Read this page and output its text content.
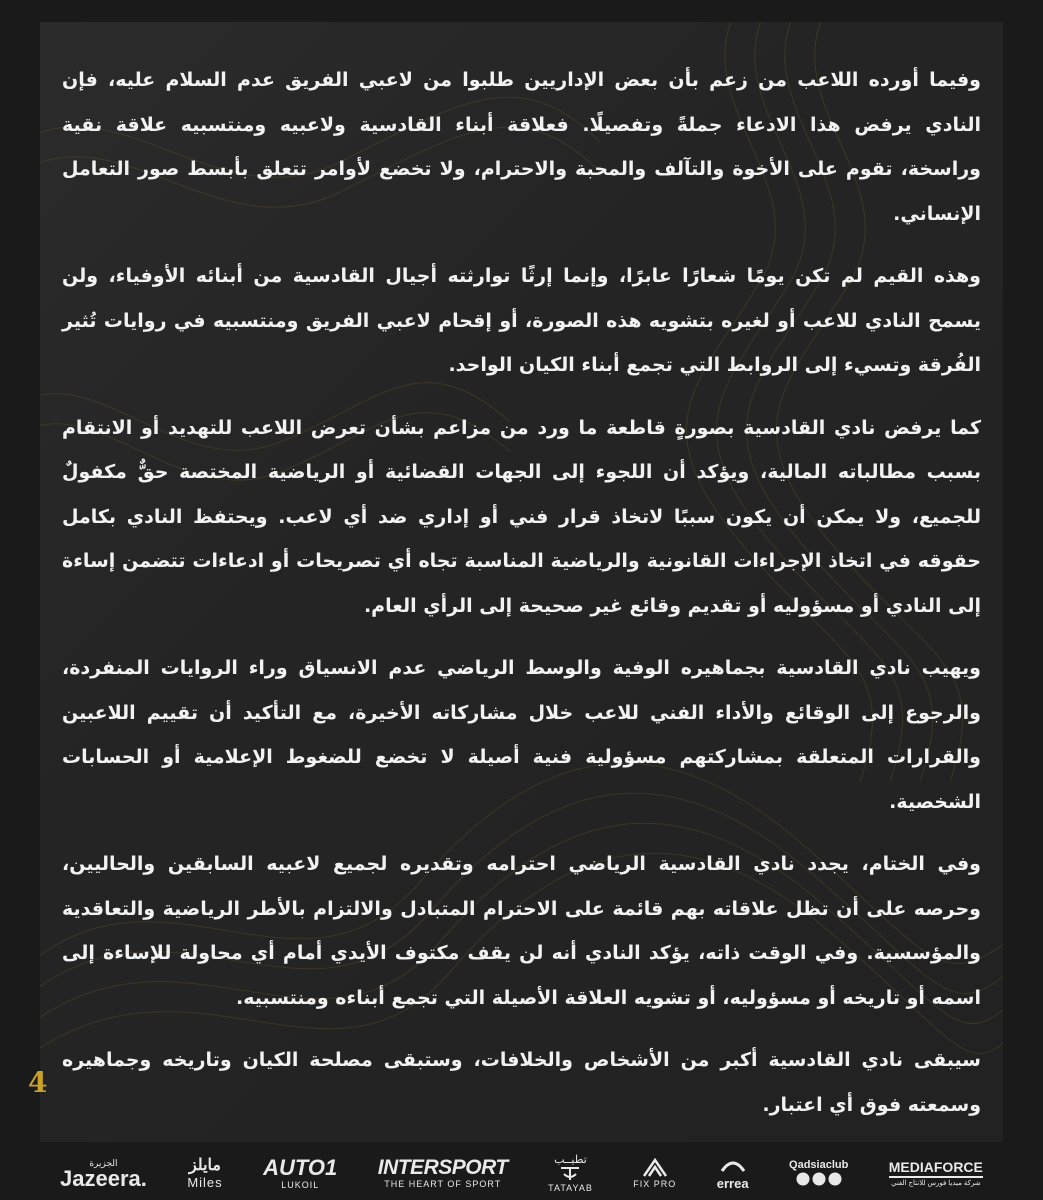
وفيما أورده اللاعب من زعم بأن بعض الإداريين طلبوا من لاعبي الفريق عدم السلام عليه، فإن النادي يرفض هذا الادعاء جملةً وتفصيلًا. فعلاقة أبناء القادسية ولاعبيه ومنتسبيه علاقة نقية وراسخة، تقوم على الأخوة والتآلف والمحبة والاحترام، ولا تخضع لأوامر تتعلق بأبسط صور التعامل الإنساني.

وهذه القيم لم تكن يومًا شعارًا عابرًا، وإنما إرثًا توارثته أجيال القادسية من أبنائه الأوفياء، ولن يسمح النادي للاعب أو لغيره بتشويه هذه الصورة، أو إقحام لاعبي الفريق ومنتسبيه في روايات تُثير الفُرقة وتسيء إلى الروابط التي تجمع أبناء الكيان الواحد.

كما يرفض نادي القادسية بصورةٍ قاطعة ما ورد من مزاعم بشأن تعرض اللاعب للتهديد أو الانتقام بسبب مطالباته المالية، ويؤكد أن اللجوء إلى الجهات القضائية أو الرياضية المختصة حقٌّ مكفولٌ للجميع، ولا يمكن أن يكون سببًا لاتخاذ قرار فني أو إداري ضد أي لاعب. ويحتفظ النادي بكامل حقوقه في اتخاذ الإجراءات القانونية والرياضية المناسبة تجاه أي تصريحات أو ادعاءات تتضمن إساءة إلى النادي أو مسؤوليه أو تقديم وقائع غير صحيحة إلى الرأي العام.

ويهيب نادي القادسية بجماهيره الوفية والوسط الرياضي عدم الانسياق وراء الروايات المنفردة، والرجوع إلى الوقائع والأداء الفني للاعب خلال مشاركاته الأخيرة، مع التأكيد أن تقييم اللاعبين والقرارات المتعلقة بمشاركتهم مسؤولية فنية أصيلة لا تخضع للضغوط الإعلامية أو الحسابات الشخصية.

وفي الختام، يجدد نادي القادسية الرياضي احترامه وتقديره لجميع لاعبيه السابقين والحاليين، وحرصه على أن تظل علاقاته بهم قائمة على الاحترام المتبادل والالتزام بالأطر الرياضية والتعاقدية والمؤسسية. وفي الوقت ذاته، يؤكد النادي أنه لن يقف مكتوف الأيدي أمام أي محاولة للإساءة إلى اسمه أو تاريخه أو مسؤوليه، أو تشويه العلاقة الأصيلة التي تجمع أبناءه ومنتسبيه.

سيبقى نادي القادسية أكبر من الأشخاص والخلافات، وستبقى مصلحة الكيان وتاريخه وجماهيره وسمعته فوق أي اعتبار.

4
الجزيرة
Jazeera.
مايلز
Miles
AUTO1
LUKOIL
INTERSPORT
THE HEART OF SPORT
تطيــب
TATAYAB	FIX PRO	errea
Qadsiaclub	MEDIAFORCE
شركة ميديا فورس للانتاج الفني
